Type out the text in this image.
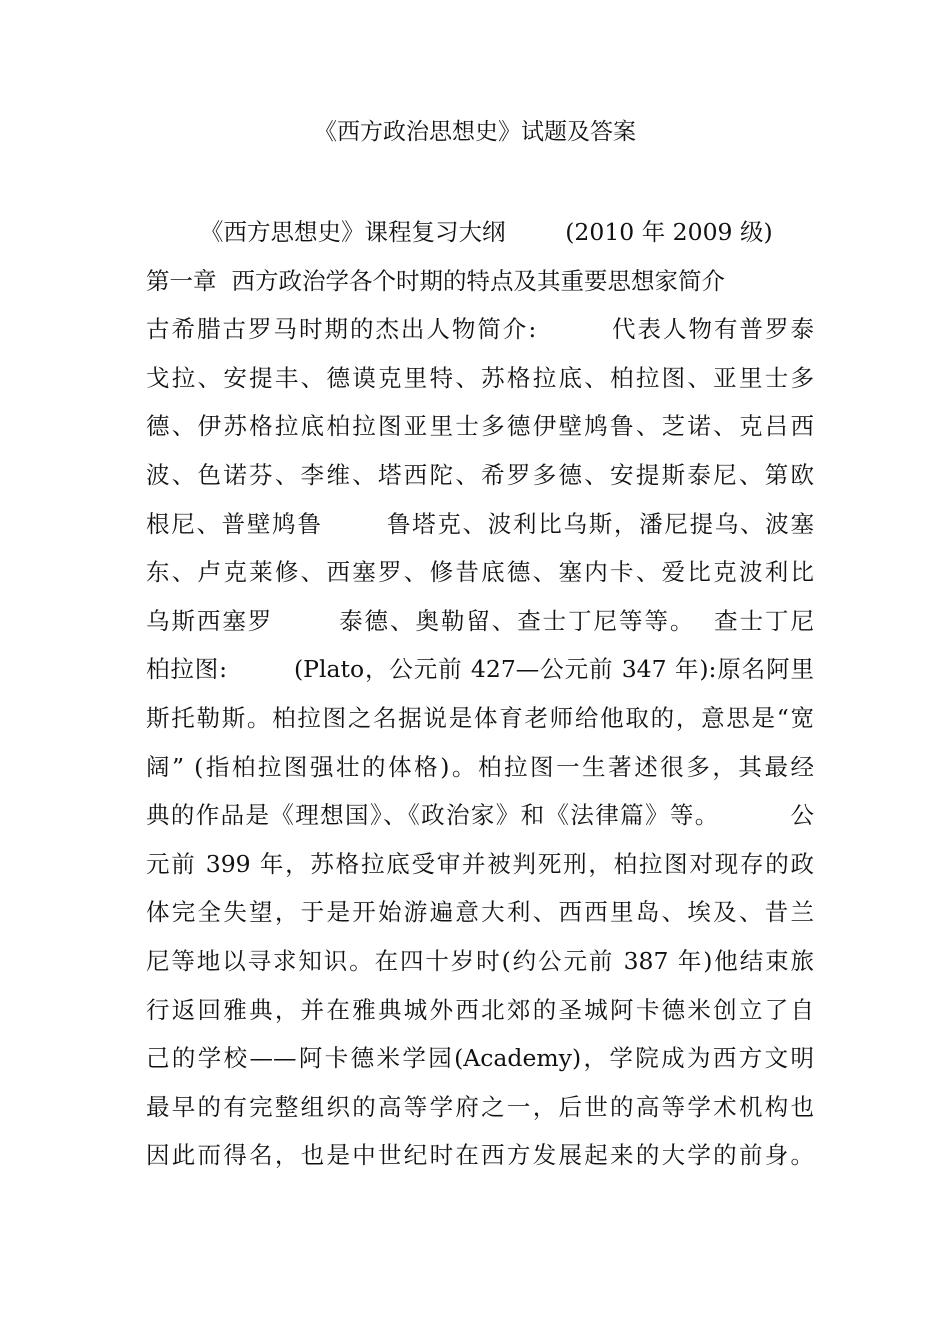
《西方政治思想史》试题及答案
《西方思想史》课程复习大纲        (2010 年 2009 级)
第一章  西方政治学各个时期的特点及其重要思想家简介
古希腊古罗马时期的杰出人物简介:        代表人物有普罗泰
戈拉、安提丰、德谟克里特、苏格拉底、柏拉图、亚里士多
德、伊苏格拉底柏拉图亚里士多德伊壁鸠鲁、芝诺、克吕西
波、色诺芬、李维、塔西陀、希罗多德、安提斯泰尼、第欧
根尼、普壁鸠鲁       鲁塔克、波利比乌斯，潘尼提乌、波塞
东、卢克莱修、西塞罗、修昔底德、塞内卡、爱比克波利比
乌斯西塞罗       泰德、奥勒留、查士丁尼等等。  查士丁尼
柏拉图:        (Plato，公元前 427—公元前 347 年):原名阿里
斯托勒斯。柏拉图之名据说是体育老师给他取的，意思是“宽
阔” (指柏拉图强壮的体格)。柏拉图一生著述很多，其最经
典的作品是《理想国》、《政治家》和《法律篇》等。        公
元前 399 年，苏格拉底受审并被判死刑，柏拉图对现存的政
体完全失望，于是开始游遍意大利、西西里岛、埃及、昔兰
尼等地以寻求知识。在四十岁时(约公元前 387 年)他结束旅
行返回雅典，并在雅典城外西北郊的圣城阿卡德米创立了自
己的学校——阿卡德米学园(Academy)，学院成为西方文明
最早的有完整组织的高等学府之一，后世的高等学术机构也
因此而得名，也是中世纪时在西方发展起来的大学的前身。
